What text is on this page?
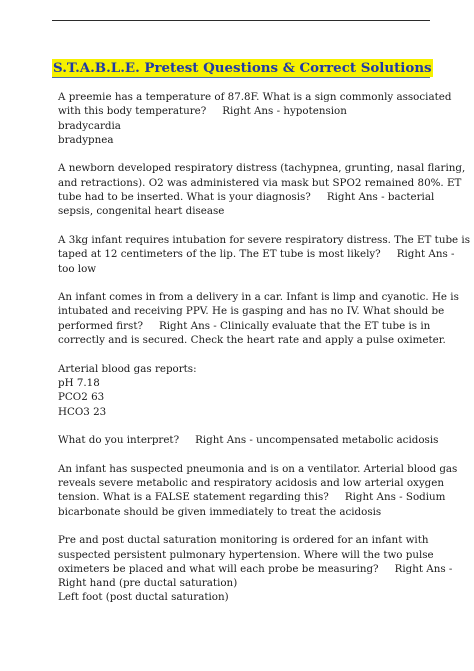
S.T.A.B.L.E. Pretest Questions & Correct Solutions
A preemie has a temperature of 87.8F. What is a sign commonly associated
with this body temperature? Right Ans - hypotension
bradycardia
bradypnea
A newborn developed respiratory distress (tachypnea, grunting, nasal flaring,
and retractions). O2 was administered via mask but SPO2 remained 80%. ET
tube had to be inserted. What is your diagnosis? Right Ans - bacterial
sepsis, congenital heart disease
A 3kg infant requires intubation for severe respiratory distress. The ET tube is
taped at 12 centimeters of the lip. The ET tube is most likely? Right Ans -
too low
An infant comes in from a delivery in a car. Infant is limp and cyanotic. He is
intubated and receiving PPV. He is gasping and has no IV. What should be
performed first? Right Ans - Clinically evaluate that the ET tube is in
correctly and is secured. Check the heart rate and apply a pulse oximeter.
Arterial blood gas reports:
pH 7.18
PCO2 63
HCO3 23
What do you interpret? Right Ans - uncompensated metabolic acidosis
An infant has suspected pneumonia and is on a ventilator. Arterial blood gas
reveals severe metabolic and respiratory acidosis and low arterial oxygen
tension. What is a FALSE statement regarding this? Right Ans - Sodium
bicarbonate should be given immediately to treat the acidosis
Pre and post ductal saturation monitoring is ordered for an infant with
suspected persistent pulmonary hypertension. Where will the two pulse
oximeters be placed and what will each probe be measuring? Right Ans -
Right hand (pre ductal saturation)
Left foot (post ductal saturation)
